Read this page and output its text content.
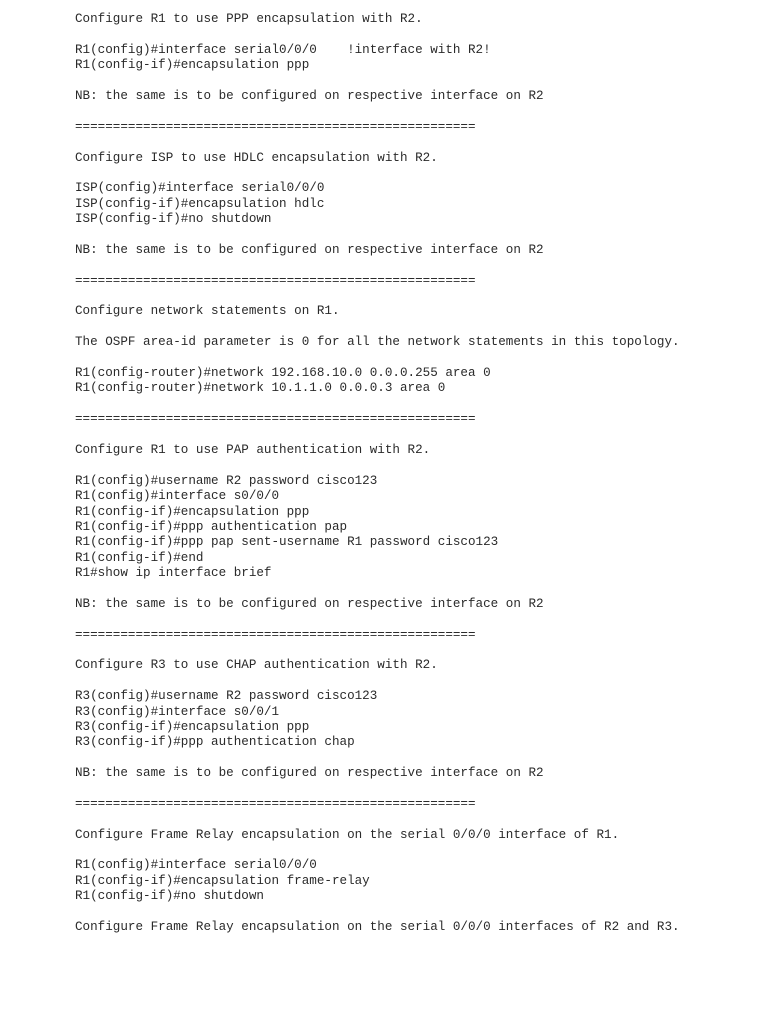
Configure R1 to use PPP encapsulation with R2.
R1(config)#interface serial0/0/0    !interface with R2!
R1(config-if)#encapsulation ppp
NB: the same is to be configured on respective interface on R2
=====================================================
Configure ISP to use HDLC encapsulation with R2.
ISP(config)#interface serial0/0/0
ISP(config-if)#encapsulation hdlc
ISP(config-if)#no shutdown
NB: the same is to be configured on respective interface on R2
=====================================================
Configure network statements on R1.
The OSPF area-id parameter is 0 for all the network statements in this topology.
R1(config-router)#network 192.168.10.0 0.0.0.255 area 0
R1(config-router)#network 10.1.1.0 0.0.0.3 area 0
=====================================================
Configure R1 to use PAP authentication with R2.
R1(config)#username R2 password cisco123
R1(config)#interface s0/0/0
R1(config-if)#encapsulation ppp
R1(config-if)#ppp authentication pap
R1(config-if)#ppp pap sent-username R1 password cisco123
R1(config-if)#end
R1#show ip interface brief
NB: the same is to be configured on respective interface on R2
=====================================================
Configure R3 to use CHAP authentication with R2.
R3(config)#username R2 password cisco123
R3(config)#interface s0/0/1
R3(config-if)#encapsulation ppp
R3(config-if)#ppp authentication chap
NB: the same is to be configured on respective interface on R2
=====================================================
Configure Frame Relay encapsulation on the serial 0/0/0 interface of R1.
R1(config)#interface serial0/0/0
R1(config-if)#encapsulation frame-relay
R1(config-if)#no shutdown
Configure Frame Relay encapsulation on the serial 0/0/0 interfaces of R2 and R3.
